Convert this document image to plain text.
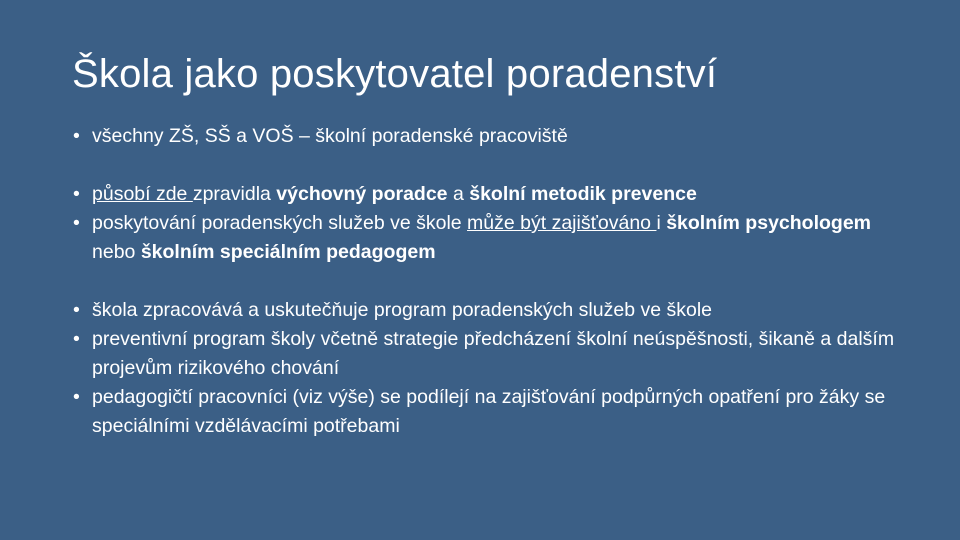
Škola jako poskytovatel poradenství
• všechny ZŠ, SŠ a VOŠ – školní poradenské pracoviště
• působí zde zpravidla výchovný poradce a školní metodik prevence
• poskytování poradenských služeb ve škole může být zajišťováno i školním psychologem nebo školním speciálním pedagogem
• škola zpracovává a uskutečňuje program poradenských služeb ve škole
• preventivní program školy včetně strategie předcházení školní neúspěšnosti, šikaně a dalším projevům rizikového chování
• pedagogičtí pracovníci (viz výše) se podílejí na zajišťování podpůrných opatření pro žáky se speciálními vzdělávacími potřebami
